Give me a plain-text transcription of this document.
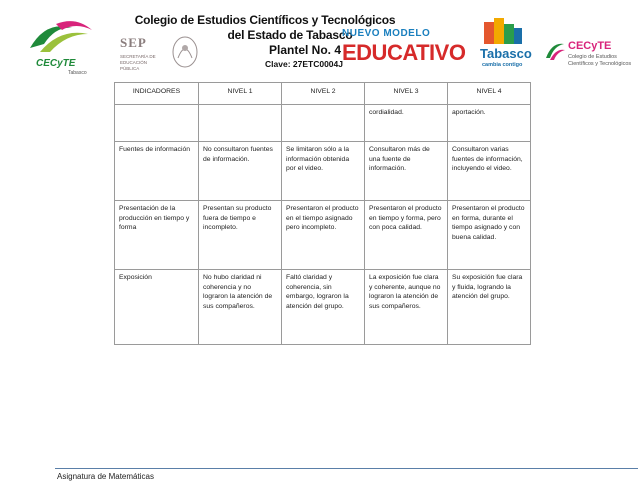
CECyTE
Tabasco
SEP
SECRETARÍA DE EDUCACIÓN PÚBLICA
Colegio de Estudios Científicos y Tecnológicos
del Estado de Tabasco
Plantel No. 4
Clave: 27ETC0004J
NUEVO MODELO
EDUCATIVO Tabasco
cambia contigo
CECyTE
Colegio de Estudios Científicos y Tecnológicos
INDICADORES	NIVEL 1	NIVEL 2	NIVEL 3	NIVEL 4
			cordialidad.	aportación.
Fuentes de información	No consultaron fuentes de información.	Se limitaron sólo a la información obtenida por el video.	Consultaron más de una fuente de información.	Consultaron varias fuentes de información, incluyendo el video.
Presentación de la producción en tiempo y forma	Presentan su producto fuera de tiempo e incompleto.	Presentaron el producto en el tiempo asignado pero incompleto.	Presentaron el producto en tiempo y forma, pero con poca calidad.	Presentaron el producto en forma, durante el tiempo asignado y con buena calidad.
Exposición	No hubo claridad ni coherencia y no lograron la atención de sus compañeros.	Faltó claridad y coherencia, sin embargo, lograron la atención del grupo.	La exposición fue clara y coherente, aunque no lograron la atención de sus compañeros.	Su exposición fue clara y fluida, logrando la atención del grupo.
Asignatura de Matemáticas
